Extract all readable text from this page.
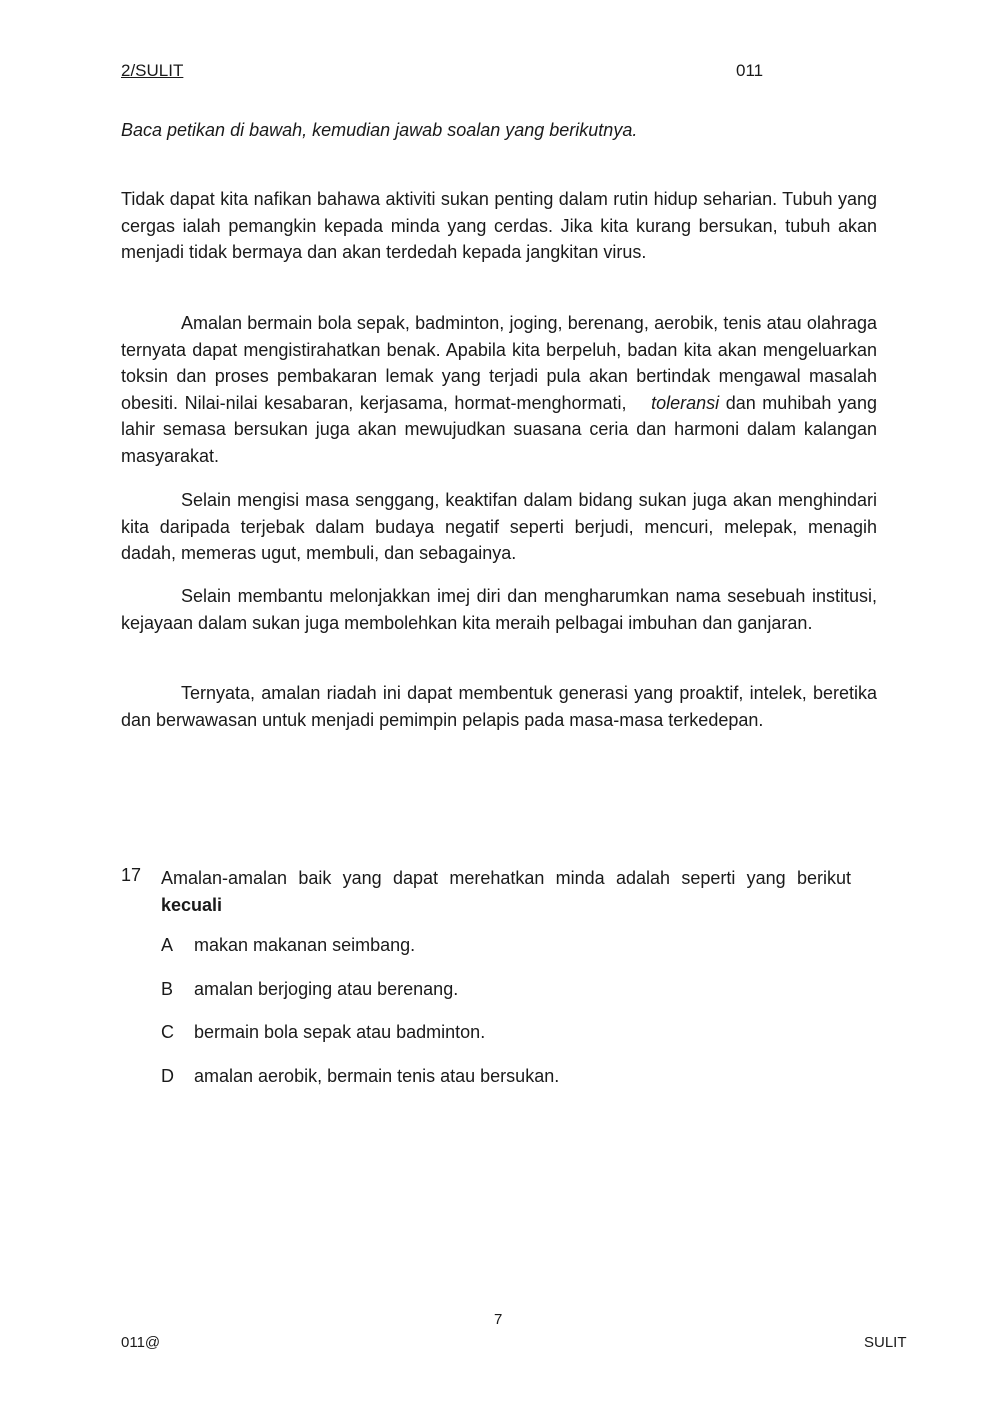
2/SULIT	011
Baca petikan di bawah, kemudian jawab soalan yang berikutnya.
Tidak dapat kita nafikan bahawa aktiviti sukan penting dalam rutin hidup seharian. Tubuh yang cergas ialah pemangkin kepada minda yang cerdas. Jika kita kurang bersukan, tubuh akan menjadi tidak bermaya dan akan terdedah kepada jangkitan virus.
Amalan bermain bola sepak, badminton, joging, berenang, aerobik, tenis atau olahraga ternyata dapat mengistirahatkan benak. Apabila kita berpeluh, badan kita akan mengeluarkan toksin dan proses pembakaran lemak yang terjadi pula akan bertindak mengawal masalah obesiti. Nilai-nilai kesabaran, kerjasama, hormat-menghormati, toleransi dan muhibah yang lahir semasa bersukan juga akan mewujudkan suasana ceria dan harmoni dalam kalangan masyarakat.
Selain mengisi masa senggang, keaktifan dalam bidang sukan juga akan menghindari kita daripada terjebak dalam budaya negatif seperti berjudi, mencuri, melepak, menagih dadah, memeras ugut, membuli, dan sebagainya.
Selain membantu melonjakkan imej diri dan mengharumkan nama sesebuah institusi, kejayaan dalam sukan juga membolehkan kita meraih pelbagai imbuhan dan ganjaran.
Ternyata, amalan riadah ini dapat membentuk generasi yang proaktif, intelek, beretika dan berwawasan untuk menjadi pemimpin pelapis pada masa-masa terkedepan.
17 Amalan-amalan baik yang dapat merehatkan minda adalah seperti yang berikut kecuali
A makan makanan seimbang.
B amalan berjoging atau berenang.
C bermain bola sepak atau badminton.
D amalan aerobik, bermain tenis atau bersukan.
7
011@	SULIT
